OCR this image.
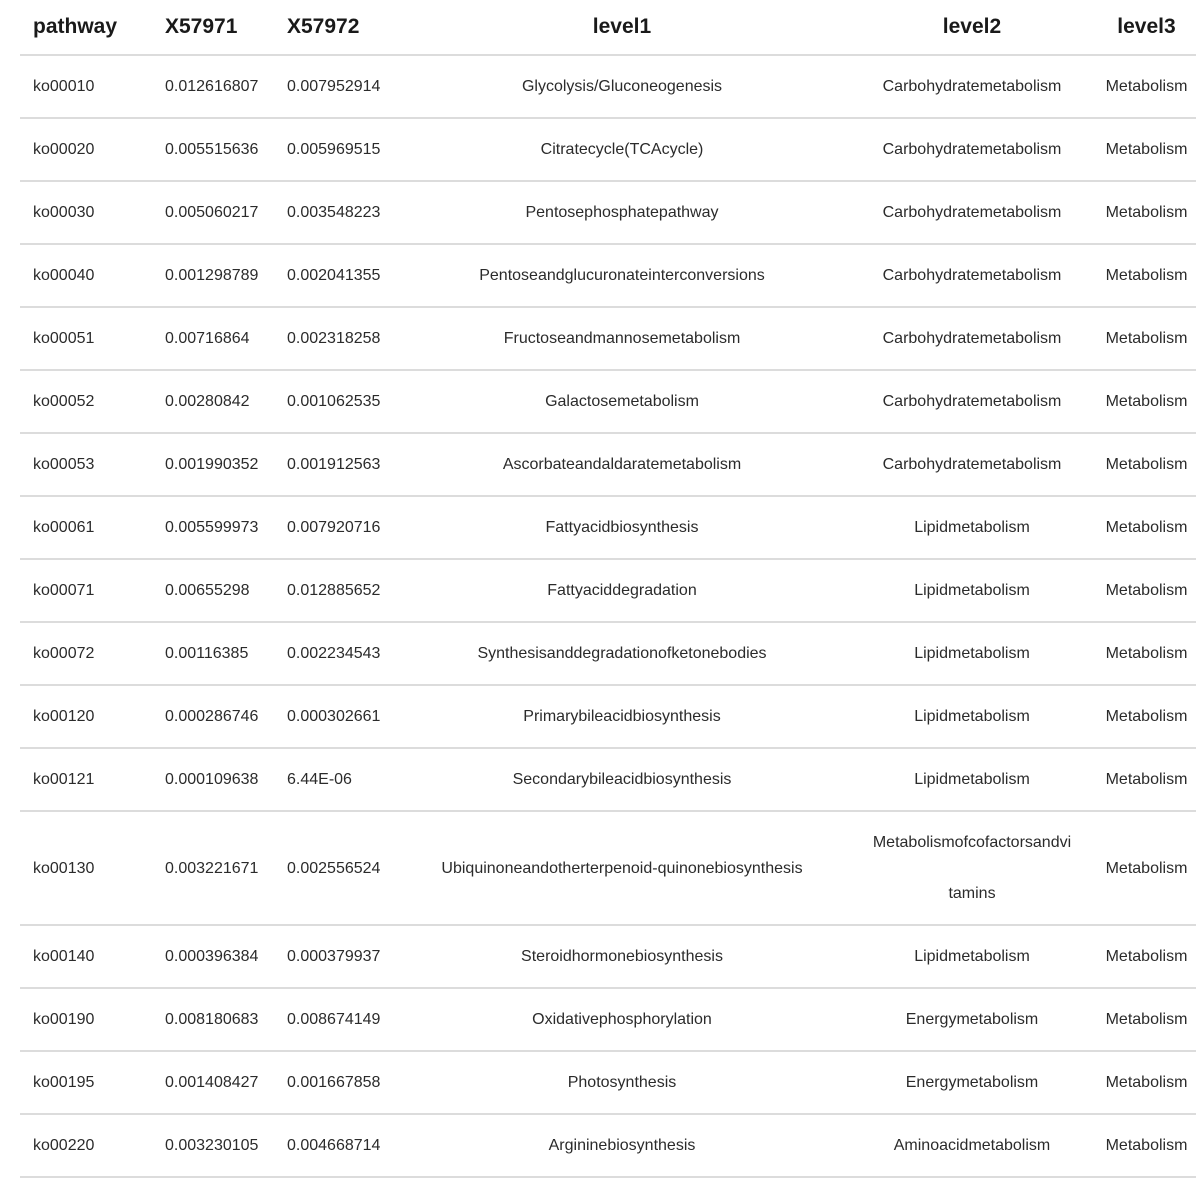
pathway	X57971	X57972	level1	level2	level3
ko00010	0.012616807	0.007952914	Glycolysis/Gluconeogenesis	Carbohydratemetabolism	Metabolism
ko00020	0.005515636	0.005969515	Citratecycle(TCAcycle)	Carbohydratemetabolism	Metabolism
ko00030	0.005060217	0.003548223	Pentosephosphatepathway	Carbohydratemetabolism	Metabolism
ko00040	0.001298789	0.002041355	Pentoseandglucuronateinterconversions	Carbohydratemetabolism	Metabolism
ko00051	0.00716864	0.002318258	Fructoseandmannosemetabolism	Carbohydratemetabolism	Metabolism
ko00052	0.00280842	0.001062535	Galactosemetabolism	Carbohydratemetabolism	Metabolism
ko00053	0.001990352	0.001912563	Ascorbateandaldaratemetabolism	Carbohydratemetabolism	Metabolism
ko00061	0.005599973	0.007920716	Fattyacidbiosynthesis	Lipidmetabolism	Metabolism
ko00071	0.00655298	0.012885652	Fattyaciddegradation	Lipidmetabolism	Metabolism
ko00072	0.00116385	0.002234543	Synthesisanddegradationofketonebodies	Lipidmetabolism	Metabolism
ko00120	0.000286746	0.000302661	Primarybileacidbiosynthesis	Lipidmetabolism	Metabolism
ko00121	0.000109638	6.44E-06	Secondarybileacidbiosynthesis	Lipidmetabolism	Metabolism
ko00130	0.003221671	0.002556524	Ubiquinoneandotherterpenoid-quinonebiosynthesis	Metabolismofcofactorsandvitamins	Metabolism
ko00140	0.000396384	0.000379937	Steroidhormonebiosynthesis	Lipidmetabolism	Metabolism
ko00190	0.008180683	0.008674149	Oxidativephosphorylation	Energymetabolism	Metabolism
ko00195	0.001408427	0.001667858	Photosynthesis	Energymetabolism	Metabolism
ko00220	0.003230105	0.004668714	Argininebiosynthesis	Aminoacidmetabolism	Metabolism
